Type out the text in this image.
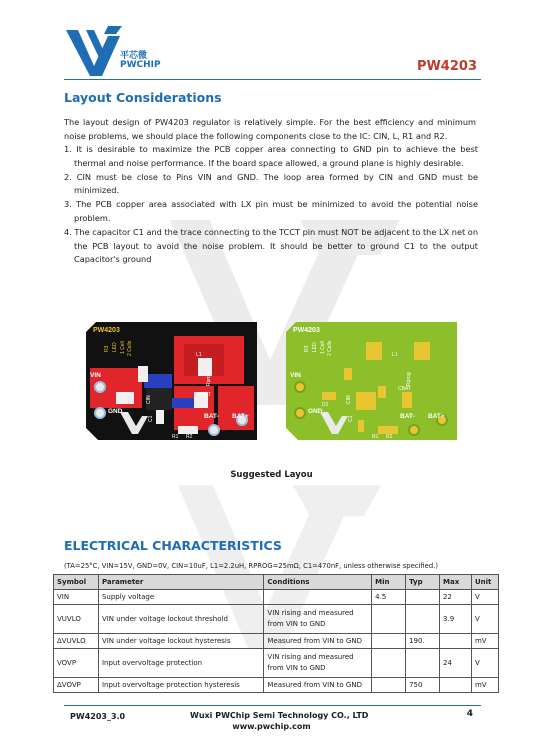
平芯微
PWCHIP	PW4203
Layout Considerations
The layout design of PW4203 regulator is relatively simple. For the best efficiency and minimum noise problems, we should place the following components close to the IC: CIN, L, R1 and R2.
1. It is desirable to maximize the PCB copper area connecting to GND pin to achieve the best thermal and noise performance. If the board space allowed, a ground plane is highly desirable.
2. CIN must be close to Pins VIN and GND. The loop area formed by CIN and GND must be minimized.
3. The PCB copper area associated with LX pin must be minimized to avoid the potential noise problem.
4. The capacitor C1 and the trace connecting to the TCCT pin must NOT be adjacent to the LX net on the PCB layout to avoid the noise problem. It should be better to ground C1 to the output Capacitor's ground
PW4203
R3 LED 1 Cell 2 Cells	L1
VIN
D1
GND
CIN
Rprog
CBAT
C1
R1 R2
BAT- BAT+
PW4203
R3 LED 1 Cell 2 Cells	L1
VIN
D1
GND
CIN
Rprog
CBAT
C1
R1 R2
BAT- BAT+
Suggested Layou
ELECTRICAL CHARACTERISTICS
(TA=25°C, VIN=15V, GND=0V, CIN=10uF, L1=2.2uH, RPROG=25mΩ, C1=470nF, unless otherwise specified.)
Symbol	Parameter	Conditions	Min	Typ	Max	Unit
VIN	Supply voltage		4.5		22	V
VUVLO	VIN under voltage lockout threshold	VIN rising and measured from VIN to GND			3.9	V
ΔVUVLO	VIN under voltage lockout hysteresis	Measured from VIN to GND		190.		mV
VOVP	Input overvoltage protection	VIN rising and measured from VIN to GND			24	V
ΔVOVP	Input overvoltage protection hysteresis	Measured from VIN to GND		750		mV
PW4203_3.0	Wuxi PWChip Semi Technology CO., LTD
www.pwchip.com
4
